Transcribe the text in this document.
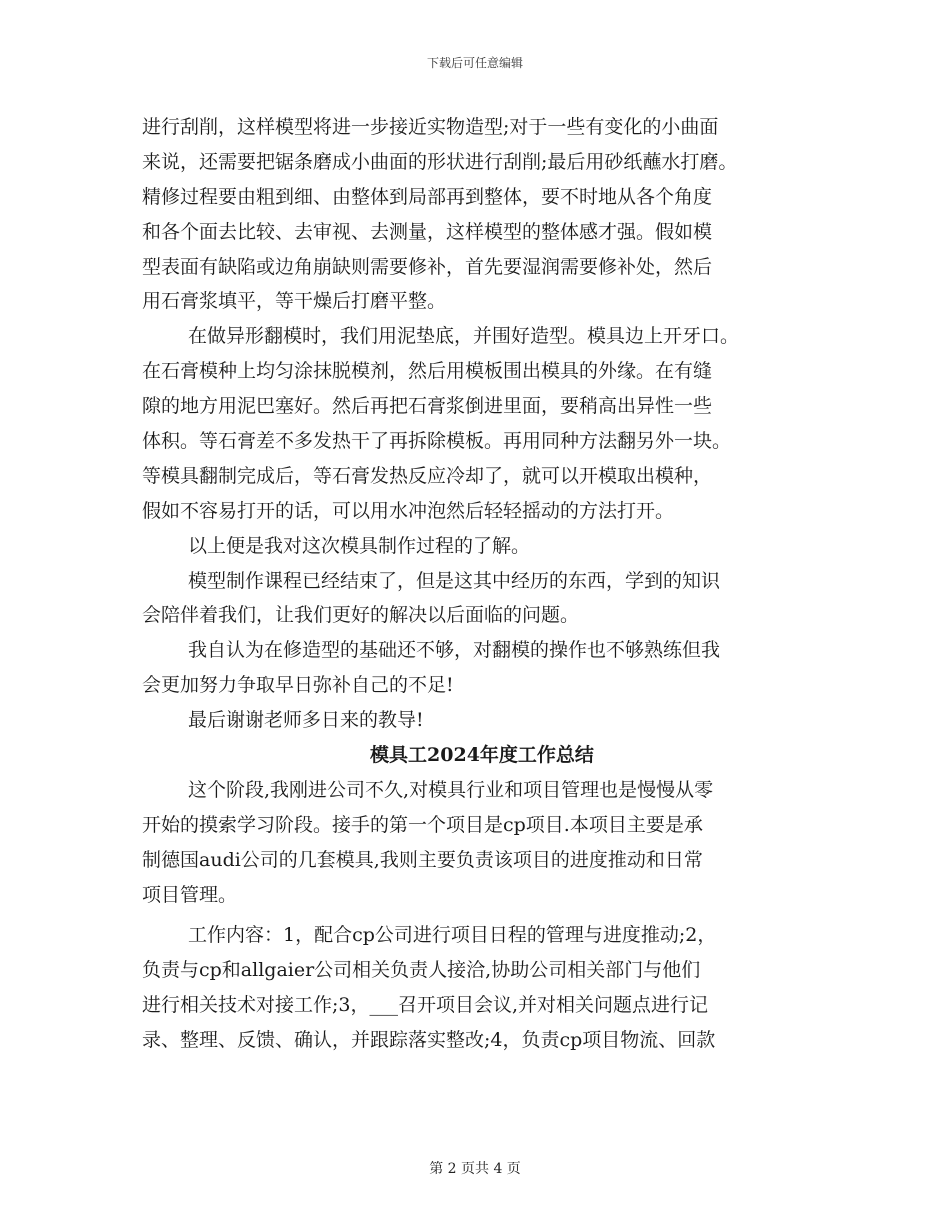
下载后可任意编辑
进行刮削，这样模型将进一步接近实物造型;对于一些有变化的小曲面
来说，还需要把锯条磨成小曲面的形状进行刮削;最后用砂纸蘸水打磨。
精修过程要由粗到细、由整体到局部再到整体，要不时地从各个角度
和各个面去比较、去审视、去测量，这样模型的整体感才强。假如模
型表面有缺陷或边角崩缺则需要修补，首先要湿润需要修补处，然后
用石膏浆填平，等干燥后打磨平整。
在做异形翻模时，我们用泥垫底，并围好造型。模具边上开牙口。
在石膏模种上均匀涂抹脱模剂，然后用模板围出模具的外缘。在有缝
隙的地方用泥巴塞好。然后再把石膏浆倒进里面，要稍高出异性一些
体积。等石膏差不多发热干了再拆除模板。再用同种方法翻另外一块。
等模具翻制完成后，等石膏发热反应冷却了，就可以开模取出模种，
假如不容易打开的话，可以用水冲泡然后轻轻摇动的方法打开。
以上便是我对这次模具制作过程的了解。
模型制作课程已经结束了，但是这其中经历的东西，学到的知识
会陪伴着我们，让我们更好的解决以后面临的问题。
我自认为在修造型的基础还不够，对翻模的操作也不够熟练但我
会更加努力争取早日弥补自己的不足!
最后谢谢老师多日来的教导!
模具工2024年度工作总结
这个阶段,我刚进公司不久,对模具行业和项目管理也是慢慢从零
开始的摸索学习阶段。接手的第一个项目是cp项目.本项目主要是承
制德国audi公司的几套模具,我则主要负责该项目的进度推动和日常
项目管理。
工作内容：1，配合cp公司进行项目日程的管理与进度推动;2，
负责与cp和allgaier公司相关负责人接洽,协助公司相关部门与他们
进行相关技术对接工作;3，___召开项目会议,并对相关问题点进行记
录、整理、反馈、确认，并跟踪落实整改;4，负责cp项目物流、回款
第 2 页共 4 页
